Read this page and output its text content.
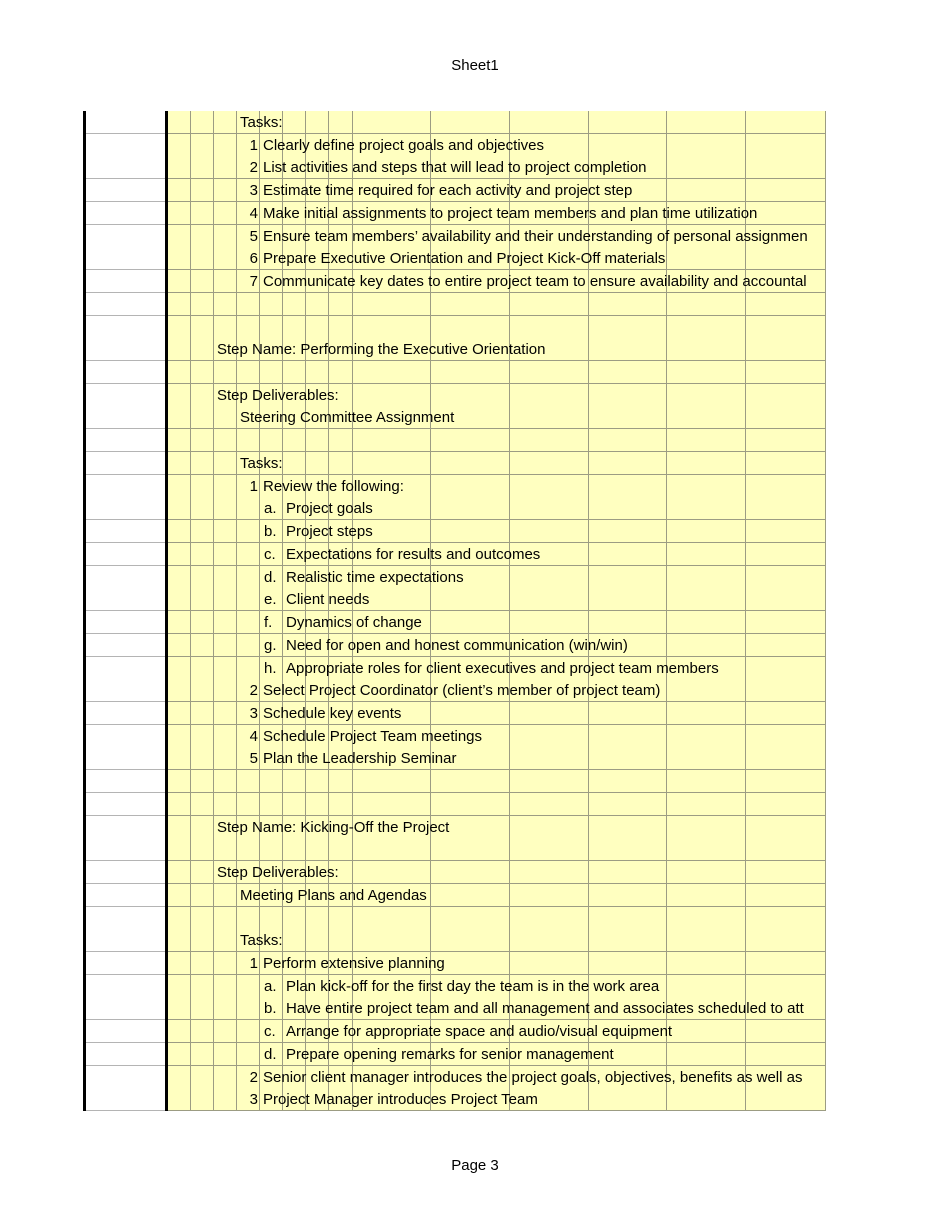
Sheet1
Tasks:
1 Clearly define project goals and objectives
2 List activities and steps that will lead to project completion
3 Estimate time required for each activity and project step
4 Make initial assignments to project team members and plan time utilization
5 Ensure team members’ availability and their understanding of personal assignmen
6 Prepare Executive Orientation and Project Kick-Off materials
7 Communicate key dates to entire project team to ensure availability and accountal
Step Name: Performing the Executive Orientation
Step Deliverables:
Steering Committee Assignment
Tasks:
1 Review the following:
a. Project goals
b. Project steps
c. Expectations for results and outcomes
d. Realistic time expectations
e. Client needs
f. Dynamics of change
g. Need for open and honest communication (win/win)
h. Appropriate roles for client executives and project team members
2 Select Project Coordinator (client’s member of project team)
3 Schedule key events
4 Schedule Project Team meetings
5 Plan the Leadership Seminar
Step Name: Kicking-Off the Project
Step Deliverables:
Meeting Plans and Agendas
Tasks:
1 Perform extensive planning
a. Plan kick-off for the first day the team is in the work area
b. Have entire project team and all management and associates scheduled to att
c. Arrange for appropriate space and audio/visual equipment
d. Prepare opening remarks for senior management
2 Senior client manager introduces the project goals, objectives, benefits as well as
3 Project Manager introduces Project Team
Page 3
